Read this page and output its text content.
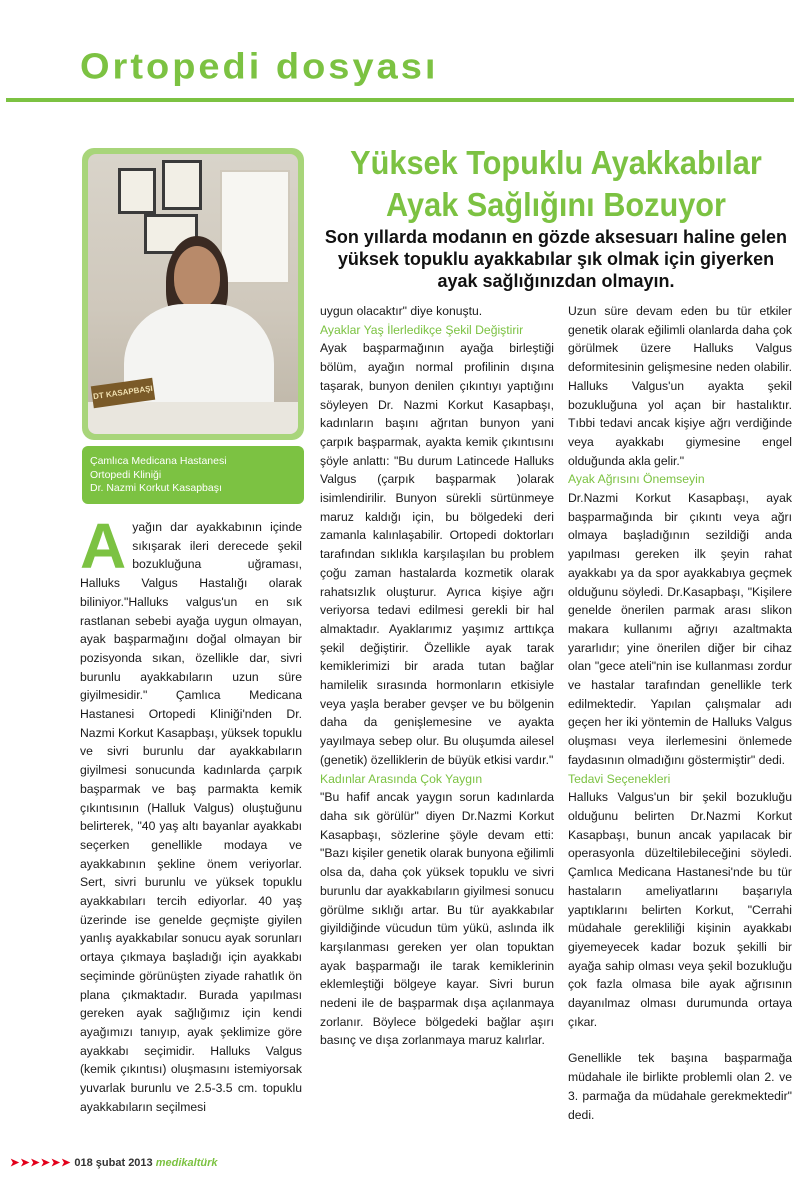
Ortopedi dosyası
DT KASAPBAŞI
Çamlıca Medicana Hastanesi
Ortopedi Kliniği
Dr. Nazmi Korkut Kasapbaşı
Yüksek Topuklu Ayakkabılar
Ayak Sağlığını Bozuyor
Son yıllarda modanın en gözde aksesuarı haline gelen yüksek topuklu ayakkabılar şık olmak için giyerken ayak sağlığınızdan olmayın.
A yağın dar ayakkabının içinde sıkışarak ileri derecede şekil bozukluğuna uğraması, Halluks Valgus Hastalığı olarak biliniyor."Halluks valgus'un en sık rastlanan sebebi ayağa uygun olmayan, ayak başparmağını doğal olmayan bir pozisyonda sıkan, özellikle dar, sivri burunlu ayakkabıların uzun süre giyilmesidir." Çamlıca Medicana Hastanesi Ortopedi Kliniği'nden Dr. Nazmi Korkut Kasapbaşı, yüksek topuklu ve sivri burunlu dar ayakkabıların giyilmesi sonucunda kadınlarda çarpık başparmak ve baş parmakta kemik çıkıntısının (Halluk Valgus) oluştuğunu belirterek, "40 yaş altı bayanlar ayakkabı seçerken genellikle modaya ve ayakkabının şekline önem veriyorlar. Sert, sivri burunlu ve yüksek topuklu ayakkabıları tercih ediyorlar. 40 yaş üzerinde ise genelde geçmişte giyilen yanlış ayakkabılar sonucu ayak sorunları ortaya çıkmaya başladığı için ayakkabı seçiminde görünüşten ziyade rahatlık ön plana çıkmaktadır. Burada yapılması gereken ayak sağlığımız için kendi ayağımızı tanıyıp, ayak şeklimize göre ayakkabı seçimidir. Halluks Valgus (kemik çıkıntısı) oluşmasını istemiyorsak yuvarlak burunlu ve 2.5-3.5 cm. topuklu ayakkabıların seçilmesi

uygun olacaktır" diye konuştu.

Ayaklar Yaş İlerledikçe Şekil Değiştirir

Ayak başparmağının ayağa birleştiği bölüm, ayağın normal profilinin dışına taşarak, bunyon denilen çıkıntıyı yaptığını söyleyen Dr. Nazmi Korkut Kasapbaşı, kadınların başını ağrıtan bunyon yani çarpık başparmak, ayakta kemik çıkıntısını şöyle anlattı: "Bu durum Latincede Halluks Valgus (çarpık başparmak )olarak isimlendirilir. Bunyon sürekli sürtünmeye maruz kaldığı için, bu bölgedeki deri zamanla kalınlaşabilir. Ortopedi doktorları tarafından sıklıkla karşılaşılan bu problem çoğu zaman hastalarda kozmetik olarak rahatsızlık oluşturur. Ayrıca kişiye ağrı veriyorsa tedavi edilmesi gerekli bir hal almaktadır. Ayaklarımız yaşımız arttıkça şekil değiştirir. Özellikle ayak tarak kemiklerimizi bir arada tutan bağlar hamilelik sırasında hormonların etkisiyle veya yaşla beraber gevşer ve bu bölgenin daha da genişlemesine ve ayakta yayılmaya sebep olur. Bu oluşumda ailesel (genetik) özelliklerin de büyük etkisi vardır."

Kadınlar Arasında Çok Yaygın

"Bu hafif ancak yaygın sorun kadınlarda daha sık görülür" diyen Dr.Nazmi Korkut Kasapbaşı, sözlerine şöyle devam etti: "Bazı kişiler genetik olarak bunyona eğilimli olsa da, daha çok yüksek topuklu ve sivri burunlu dar ayakkabıların giyilmesi sonucu görülme sıklığı artar. Bu tür ayakkabılar giyildiğinde vücudun tüm yükü, aslında ilk karşılanması gereken yer olan topuktan ayak başparmağı ile tarak kemiklerinin eklemleştiği bölgeye kayar. Sivri burun nedeni ile de başparmak dışa açılanmaya zorlanır. Böylece bölgedeki bağlar aşırı basınç ve dışa zorlanmaya maruz kalırlar.

Uzun süre devam eden bu tür etkiler genetik olarak eğilimli olanlarda daha çok görülmek üzere Halluks Valgus deformitesinin gelişmesine neden olabilir. Halluks Valgus'un ayakta şekil bozukluğuna yol açan bir hastalıktır. Tıbbi tedavi ancak kişiye ağrı verdiğinde veya ayakkabı giymesine engel olduğunda akla gelir."

Ayak Ağrısını Önemseyin

Dr.Nazmi Korkut Kasapbaşı, ayak başparmağında bir çıkıntı veya ağrı olmaya başladığının sezildiği anda yapılması gereken ilk şeyin rahat ayakkabı ya da spor ayakkabıya geçmek olduğunu söyledi. Dr.Kasapbaşı, "Kişilere genelde önerilen parmak arası slikon makara kullanımı ağrıyı azaltmakta yararlıdır; yine önerilen diğer bir cihaz olan "gece ateli"nin ise kullanması zordur ve hastalar tarafından genellikle terk edilmektedir. Yapılan çalışmalar adı geçen her iki yöntemin de Halluks Valgus oluşması veya ilerlemesini önlemede faydasının olmadığını göstermiştir" dedi.

Tedavi Seçenekleri

Halluks Valgus'un bir şekil bozukluğu olduğunu belirten Dr.Nazmi Korkut Kasapbaşı, bunun ancak yapılacak bir operasyonla düzeltilebileceğini söyledi. Çamlıca Medicana Hastanesi'nde bu tür hastaların ameliyatlarını başarıyla yaptıklarını belirten Korkut, "Cerrahi müdahale gerekliliği kişinin ayakkabı giyemeyecek kadar bozuk şekilli bir ayağa sahip olması veya şekil bozukluğu çok fazla olmasa bile ayak ağrısının dayanılmaz olması durumunda ortaya çıkar.

Genellikle tek başına başparmağa müdahale ile birlikte problemli olan 2. ve 3. parmağa da müdahale gerekmektedir" dedi.

➤➤➤➤➤➤ 018 şubat 2013 medikaltürk
